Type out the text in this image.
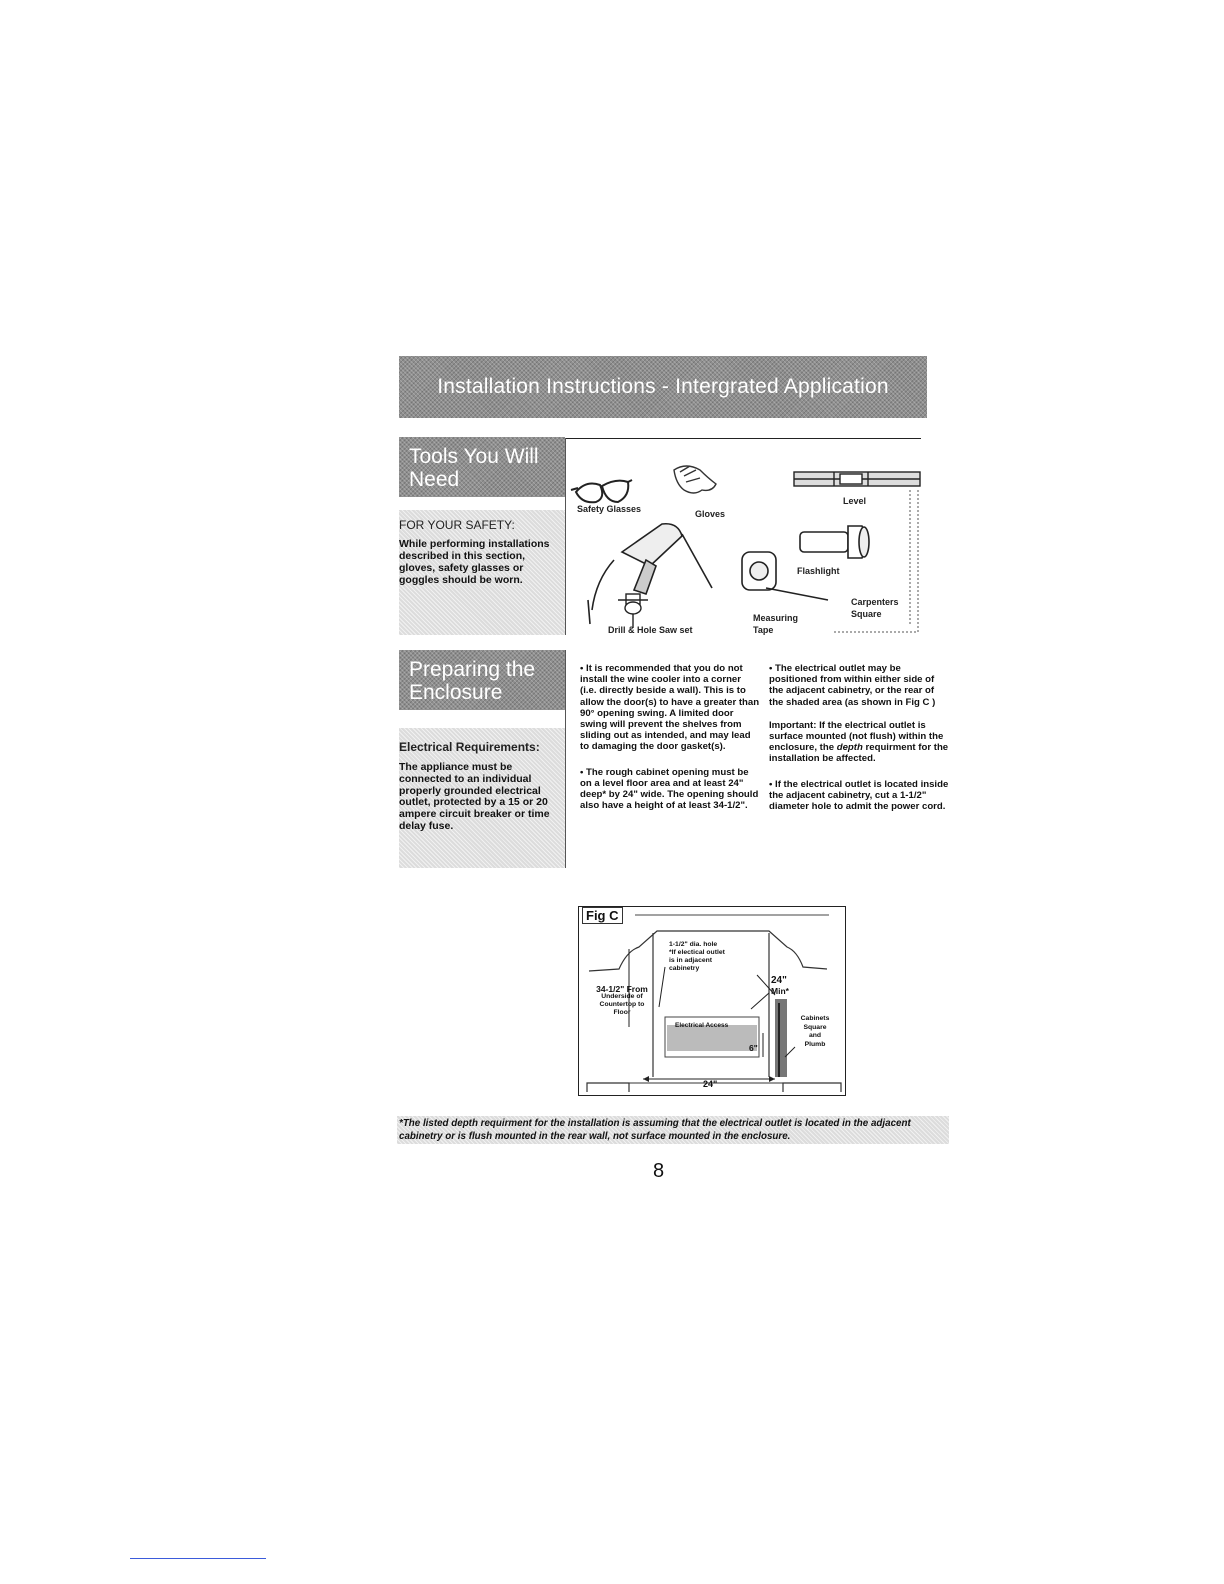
Installation Instructions - Intergrated Application
Tools You Will Need
FOR YOUR SAFETY:
While performing installations described in this section, gloves, safety glasses or goggles should be worn.
Safety Glasses	Gloves
Level
Flashlight
Carpenters Square
Drill & Hole Saw set
Measuring Tape
Preparing the Enclosure
Electrical Requirements:
The appliance must be connected to an individual properly grounded electrical outlet, protected by a 15 or 20 ampere circuit breaker or time delay fuse.

• It is recommended that you do not install the wine cooler into a corner (i.e. directly beside a wall). This is to allow the door(s) to have a greater than 90° opening swing. A limited door swing will prevent the shelves from sliding out as intended, and may lead to damaging the door gasket(s).

• The rough cabinet opening must be on a level floor area and at least 24" deep* by 24" wide. The opening should also have a height of at least 34-1/2".

• The electrical outlet may be positioned from within either side of the adjacent cabinetry, or the rear of the shaded area (as shown in Fig C )

Important: If the electrical outlet is surface mounted (not flush) within the enclosure, the depth requirment for the installation be affected.

• If the electrical outlet is located inside the adjacent cabinetry, cut a 1-1/2" diameter hole to admit the power cord.

Fig C
1-1/2" dia. hole
*If electical outlet
is in adjacent
cabinetry
34-1/2" From
Underside of
Countertop to
Floor
24"
Min*
Electrical Access
6"
24"
Cabinets
Square
and
Plumb
*The listed depth requirment for the installation is assuming that the electrical outlet is located in the adjacent cabinetry or is flush mounted in the rear wall, not surface mounted in the enclosure.
8
